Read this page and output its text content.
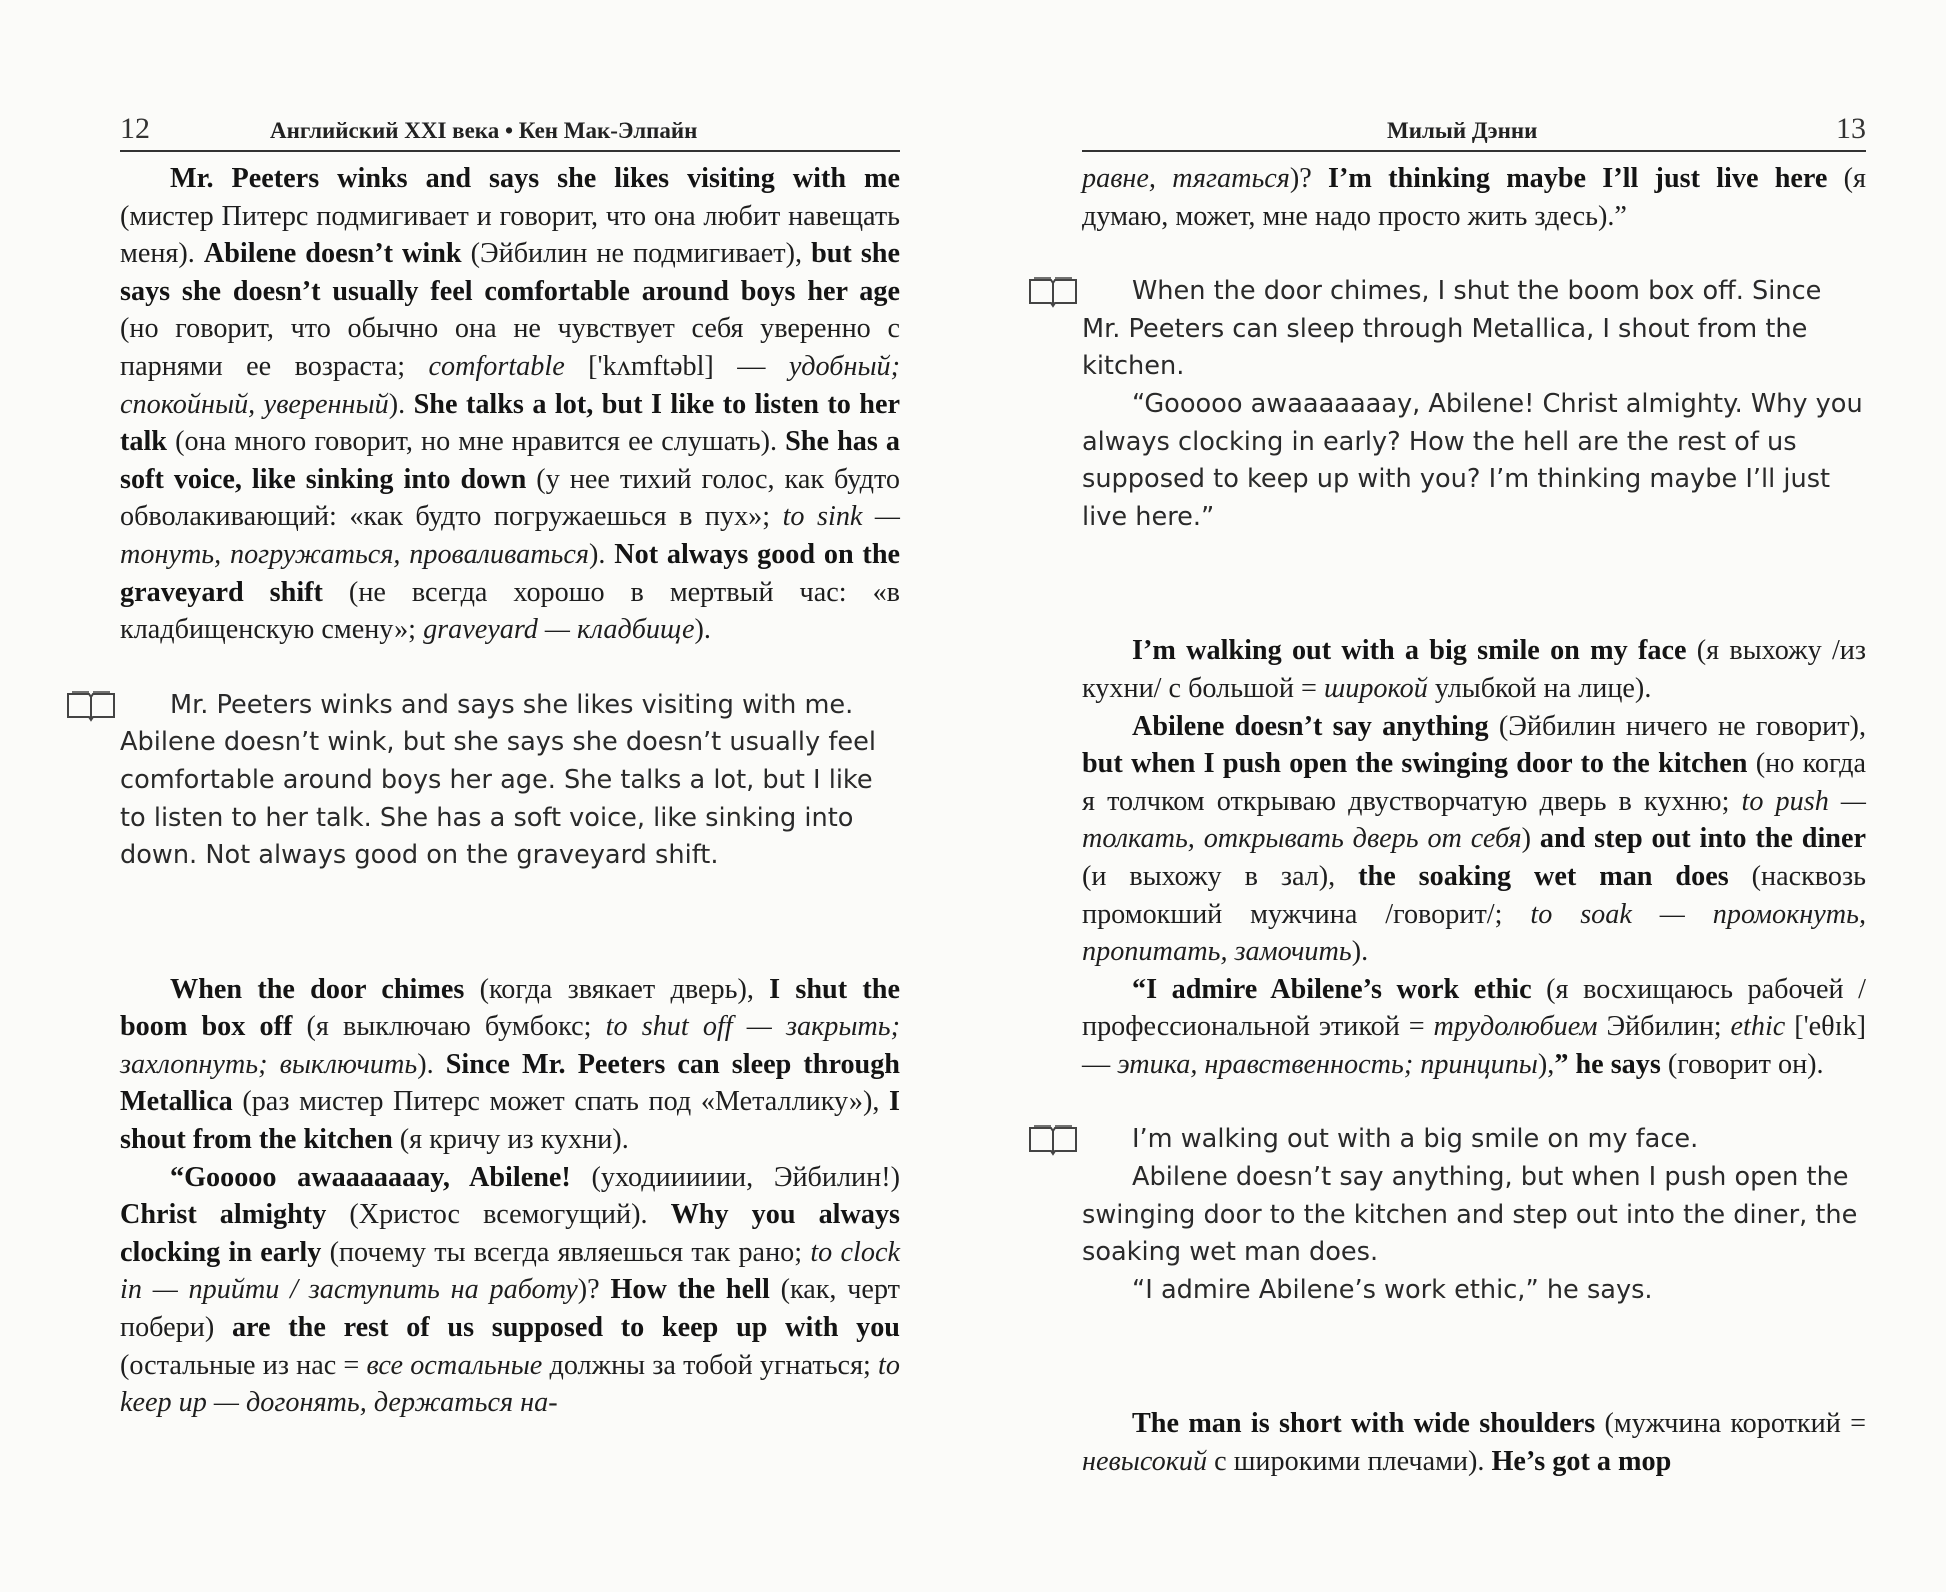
12	Английский XXI века • Кен Мак-Элпайн

Mr. Peeters winks and says she likes visiting with me (мистер Питерс подмигивает и говорит, что она любит навещать меня). Abilene doesn’t wink (Эйбилин не подмигивает), but she says she doesn’t usually feel comfortable around boys her age (но говорит, что обычно она не чувствует себя уверенно с парнями ее возраста; comfortable ['kʌmftəbl] — удобный; спокойный, уверенный). She talks a lot, but I like to listen to her talk (она много говорит, но мне нравится ее слушать). She has a soft voice, like sinking into down (у нее тихий голос, как будто обволакивающий: «как будто погружаешься в пух»; to sink — тонуть, погружаться, проваливаться). Not always good on the graveyard shift (не всегда хорошо в мертвый час: «в кладбищенскую смену»; graveyard — кладбище).

Mr. Peeters winks and says she likes visiting with me. Abilene doesn’t wink, but she says she doesn’t usually feel comfortable around boys her age. She talks a lot, but I like to listen to her talk. She has a soft voice, like sinking into down. Not always good on the graveyard shift.

When the door chimes (когда звякает дверь), I shut the boom box off (я выключаю бумбокс; to shut off — закрыть; захлопнуть; выключить). Since Mr. Peeters can sleep through Metallica (раз мистер Питерс может спать под «Металлику»), I shout from the kitchen (я кричу из кухни).

“Gooooo awaaaaaaay, Abilene! (уходииииии, Эйбилин!) Christ almighty (Христос всемогущий). Why you always clocking in early (почему ты всегда являешься так рано; to clock in — прийти / заступить на работу)? How the hell (как, черт побери) are the rest of us supposed to keep up with you (остальные из нас = все остальные должны за тобой угнаться; to keep up — догонять, держаться на-

Милый Дэнни	13

равне, тягаться)? I’m thinking maybe I’ll just live here (я думаю, может, мне надо просто жить здесь).”

When the door chimes, I shut the boom box off. Since Mr. Peeters can sleep through Metallica, I shout from the kitchen.

“Gooooo awaaaaaaay, Abilene! Christ almighty. Why you always clocking in early? How the hell are the rest of us supposed to keep up with you? I’m thinking maybe I’ll just live here.”

I’m walking out with a big smile on my face (я выхожу /из кухни/ с большой = широкой улыбкой на лице).

Abilene doesn’t say anything (Эйбилин ничего не говорит), but when I push open the swinging door to the kitchen (но когда я толчком открываю двустворчатую дверь в кухню; to push — толкать, открывать дверь от себя) and step out into the diner (и выхожу в зал), the soaking wet man does (насквозь промокший мужчина /говорит/; to soak — промокнуть, пропитать, замочить).

“I admire Abilene’s work ethic (я восхищаюсь рабочей / профессиональной этикой = трудолюбием Эйбилин; ethic ['eθɪk] — этика, нравственность; принципы),” he says (говорит он).

I’m walking out with a big smile on my face.

Abilene doesn’t say anything, but when I push open the swinging door to the kitchen and step out into the diner, the soaking wet man does.

“I admire Abilene’s work ethic,” he says.

The man is short with wide shoulders (мужчина короткий = невысокий с широкими плечами). He’s got a mop
